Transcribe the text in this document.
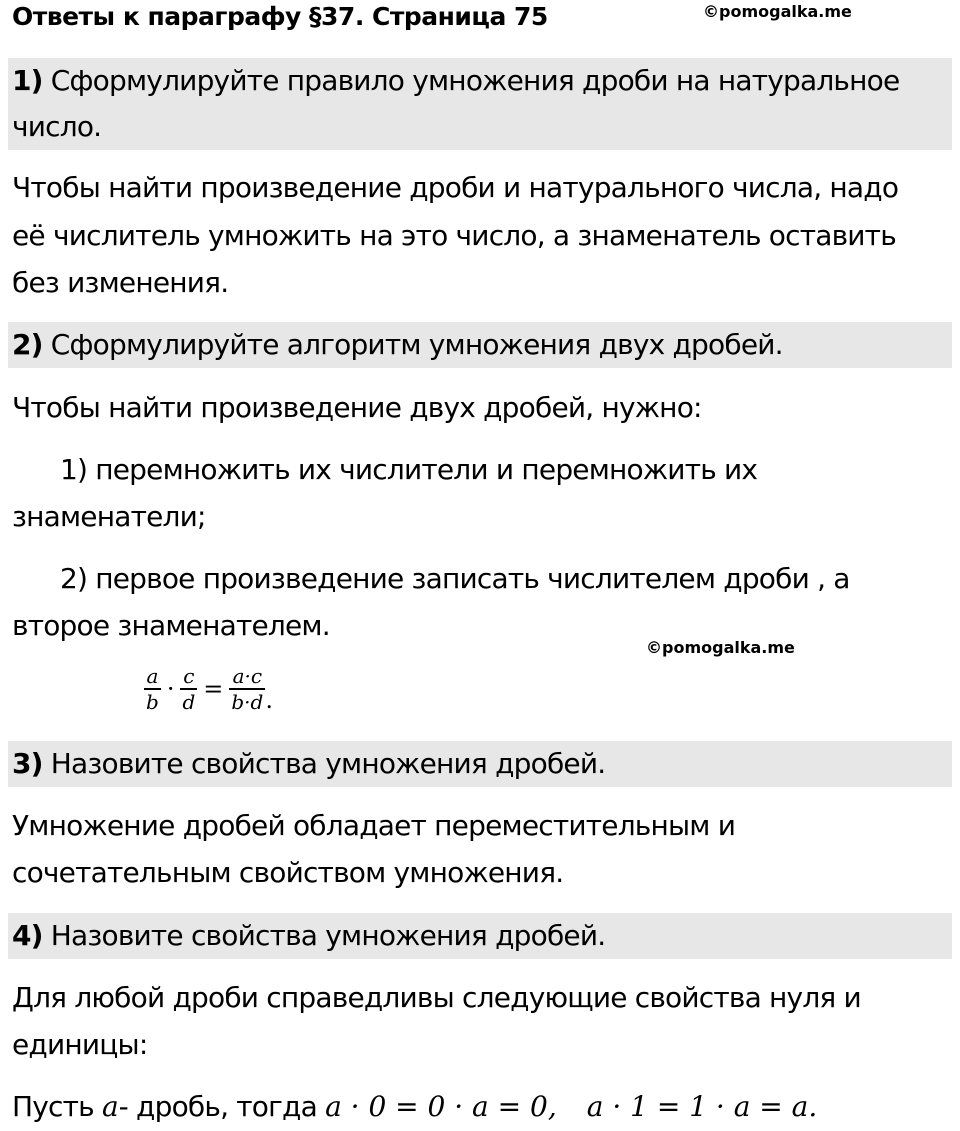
Ответы к параграфу §37. Страница 75	©pomogalka.me
1) Сформулируйте правило умножения дроби на натуральное
число.
Чтобы найти произведение дроби и натурального числа, надо
её числитель умножить на это число, а знаменатель оставить
без изменения.
2) Сформулируйте алгоритм умножения двух дробей.
Чтобы найти произведение двух дробей, нужно:
1) перемножить их числители и перемножить их
знаменатели;
2) первое произведение записать числителем дроби , а
второе знаменателем.
©pomogalka.me
$\frac{a}{b} \cdot \frac{c}{d} = \frac{a\cdot c}{b\cdot d}$ .
3) Назовите свойства умножения дробей.
Умножение дробей обладает переместительным и
сочетательным свойством умножения.
4) Назовите свойства умножения дробей.
Для любой дроби справедливы следующие свойства нуля и
единицы:
Пусть a- дробь, тогда a · 0 = 0 · a = 0, a · 1 = 1 · a = a.
